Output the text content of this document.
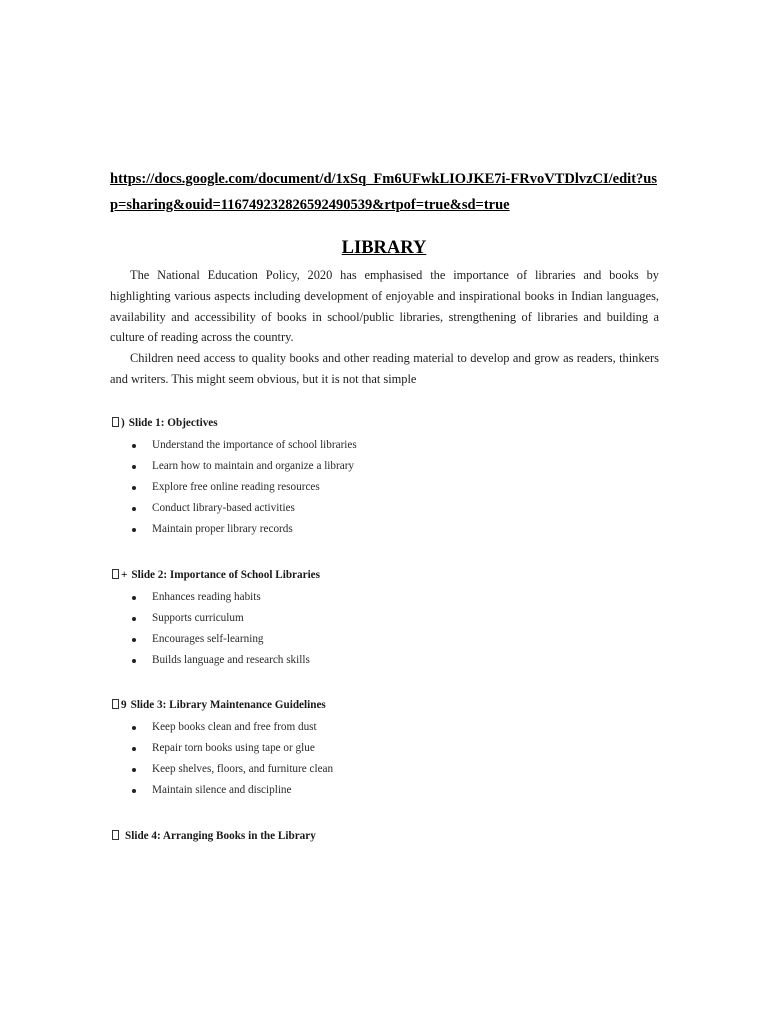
https://docs.google.com/document/d/1xSq_Fm6UFwkLIOJKE7i-FRvoVTDlvzCI/edit?usp=sharing&ouid=116749232826592490539&rtpof=true&sd=true
LIBRARY

The National Education Policy, 2020 has emphasised the importance of libraries and books by highlighting various aspects including development of enjoyable and inspirational books in Indian languages, availability and accessibility of books in school/public libraries, strengthening of libraries and building a culture of reading across the country.

Children need access to quality books and other reading material to develop and grow as readers, thinkers and writers. This might seem obvious, but it is not that simple

) Slide 1: Objectives
Understand the importance of school libraries
Learn how to maintain and organize a library
Explore free online reading resources
Conduct library-based activities
Maintain proper library records
+ Slide 2: Importance of School Libraries
Enhances reading habits
Supports curriculum
Encourages self-learning
Builds language and research skills
9 Slide 3: Library Maintenance Guidelines
Keep books clean and free from dust
Repair torn books using tape or glue
Keep shelves, floors, and furniture clean
Maintain silence and discipline
Slide 4: Arranging Books in the Library
